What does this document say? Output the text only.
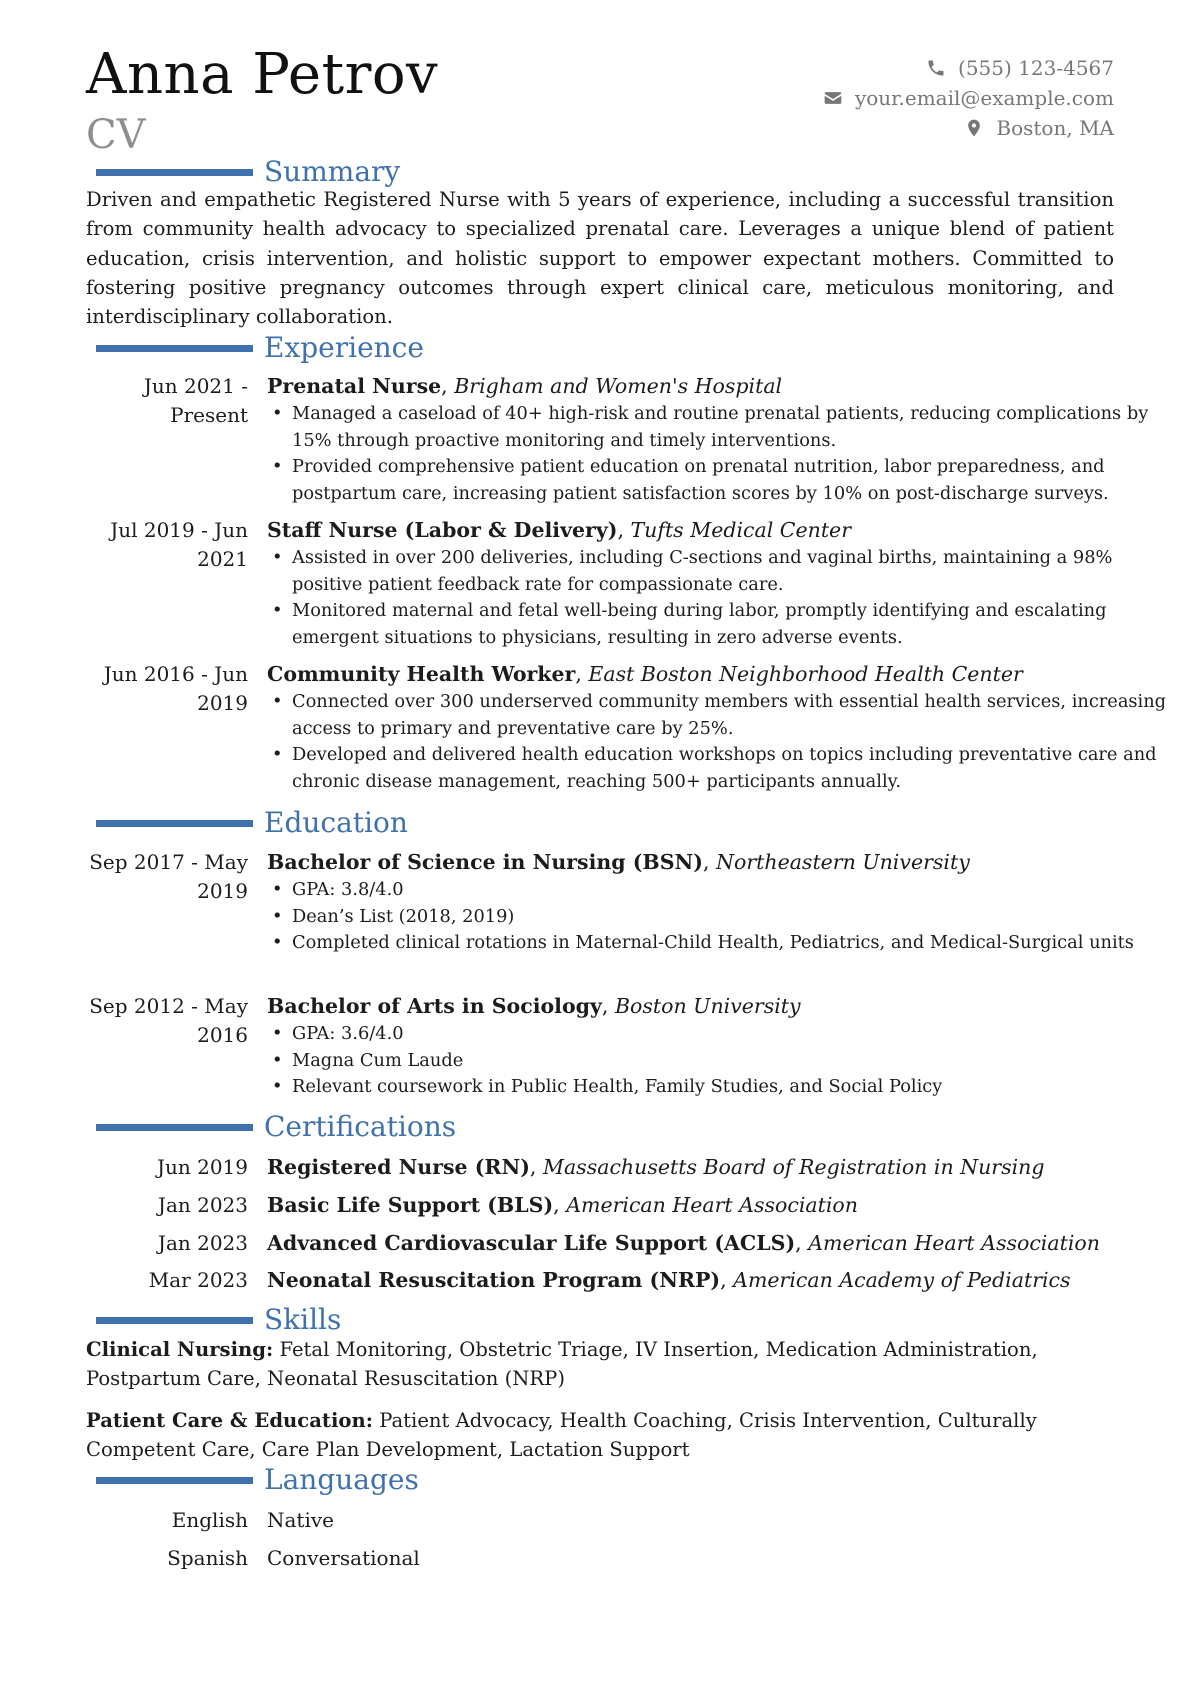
Anna Petrov
CV
(555) 123-4567
your.email@example.com
Boston, MA
Summary
Driven and empathetic Registered Nurse with 5 years of experience, including a successful transition from community health advocacy to specialized prenatal care. Leverages a unique blend of patient education, crisis intervention, and holistic support to empower expectant mothers. Committed to fostering positive pregnancy outcomes through expert clinical care, meticulous monitoring, and interdisciplinary collaboration.
Experience
Jun 2021 - Present
Prenatal Nurse, Brigham and Women's Hospital
• Managed a caseload of 40+ high-risk and routine prenatal patients, reducing complications by 15% through proactive monitoring and timely interventions.
• Provided comprehensive patient education on prenatal nutrition, labor preparedness, and postpartum care, increasing patient satisfaction scores by 10% on post-discharge surveys.
Jul 2019 - Jun 2021
Staff Nurse (Labor & Delivery), Tufts Medical Center
• Assisted in over 200 deliveries, including C-sections and vaginal births, maintaining a 98% positive patient feedback rate for compassionate care.
• Monitored maternal and fetal well-being during labor, promptly identifying and escalating emergent situations to physicians, resulting in zero adverse events.
Jun 2016 - Jun 2019
Community Health Worker, East Boston Neighborhood Health Center
• Connected over 300 underserved community members with essential health services, increasing access to primary and preventative care by 25%.
• Developed and delivered health education workshops on topics including preventative care and chronic disease management, reaching 500+ participants annually.
Education
Sep 2017 - May 2019
Bachelor of Science in Nursing (BSN), Northeastern University
• GPA: 3.8/4.0
• Dean’s List (2018, 2019)
• Completed clinical rotations in Maternal-Child Health, Pediatrics, and Medical-Surgical units
Sep 2012 - May 2016
Bachelor of Arts in Sociology, Boston University
• GPA: 3.6/4.0
• Magna Cum Laude
• Relevant coursework in Public Health, Family Studies, and Social Policy
Certifications
Jun 2019 Registered Nurse (RN), Massachusetts Board of Registration in Nursing
Jan 2023 Basic Life Support (BLS), American Heart Association
Jan 2023 Advanced Cardiovascular Life Support (ACLS), American Heart Association
Mar 2023 Neonatal Resuscitation Program (NRP), American Academy of Pediatrics
Skills
Clinical Nursing: Fetal Monitoring, Obstetric Triage, IV Insertion, Medication Administration, Postpartum Care, Neonatal Resuscitation (NRP)
Patient Care & Education: Patient Advocacy, Health Coaching, Crisis Intervention, Culturally Competent Care, Care Plan Development, Lactation Support
Languages
English Native
Spanish Conversational
